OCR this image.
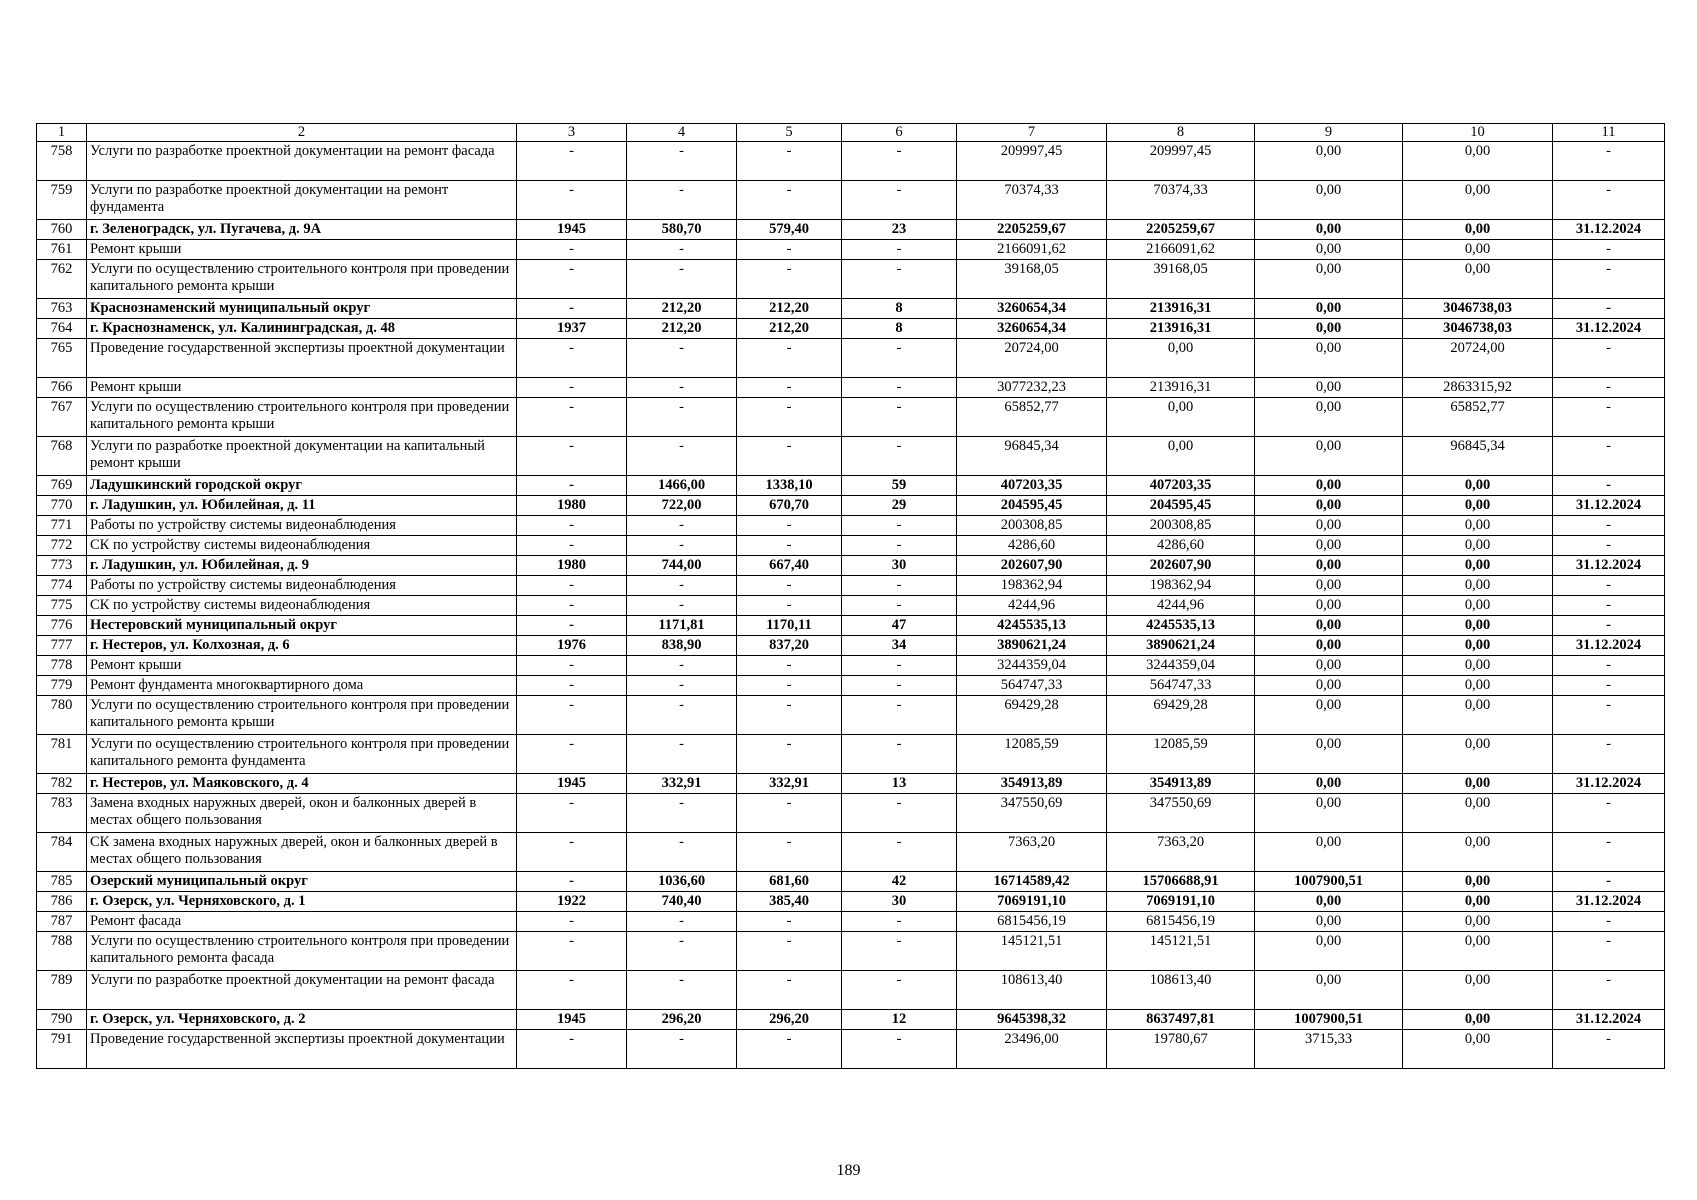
1	2	3	4	5	6	7	8	9	10	11
758	Услуги по разработке проектной документации на ремонт фасада	-	-	-	-	209997,45	209997,45	0,00	0,00	-
759	Услуги по разработке проектной документации на ремонт фундамента	-	-	-	-	70374,33	70374,33	0,00	0,00	-
760	г. Зеленоградск, ул. Пугачева, д. 9А	1945	580,70	579,40	23	2205259,67	2205259,67	0,00	0,00	31.12.2024
761	Ремонт крыши	-	-	-	-	2166091,62	2166091,62	0,00	0,00	-
762	Услуги по осуществлению строительного контроля при проведении капитального ремонта крыши	-	-	-	-	39168,05	39168,05	0,00	0,00	-
763	Краснознаменский муниципальный округ	-	212,20	212,20	8	3260654,34	213916,31	0,00	3046738,03	-
764	г. Краснознаменск, ул. Калининградская, д. 48	1937	212,20	212,20	8	3260654,34	213916,31	0,00	3046738,03	31.12.2024
765	Проведение государственной экспертизы проектной документации	-	-	-	-	20724,00	0,00	0,00	20724,00	-
766	Ремонт крыши	-	-	-	-	3077232,23	213916,31	0,00	2863315,92	-
767	Услуги по осуществлению строительного контроля при проведении капитального ремонта крыши	-	-	-	-	65852,77	0,00	0,00	65852,77	-
768	Услуги по разработке проектной документации на капитальный ремонт крыши	-	-	-	-	96845,34	0,00	0,00	96845,34	-
769	Ладушкинский городской округ	-	1466,00	1338,10	59	407203,35	407203,35	0,00	0,00	-
770	г. Ладушкин, ул. Юбилейная, д. 11	1980	722,00	670,70	29	204595,45	204595,45	0,00	0,00	31.12.2024
771	Работы по устройству системы видеонаблюдения	-	-	-	-	200308,85	200308,85	0,00	0,00	-
772	СК по устройству системы видеонаблюдения	-	-	-	-	4286,60	4286,60	0,00	0,00	-
773	г. Ладушкин, ул. Юбилейная, д. 9	1980	744,00	667,40	30	202607,90	202607,90	0,00	0,00	31.12.2024
774	Работы по устройству системы видеонаблюдения	-	-	-	-	198362,94	198362,94	0,00	0,00	-
775	СК по устройству системы видеонаблюдения	-	-	-	-	4244,96	4244,96	0,00	0,00	-
776	Нестеровский муниципальный округ	-	1171,81	1170,11	47	4245535,13	4245535,13	0,00	0,00	-
777	г. Нестеров, ул. Колхозная, д. 6	1976	838,90	837,20	34	3890621,24	3890621,24	0,00	0,00	31.12.2024
778	Ремонт крыши	-	-	-	-	3244359,04	3244359,04	0,00	0,00	-
779	Ремонт фундамента многоквартирного дома	-	-	-	-	564747,33	564747,33	0,00	0,00	-
780	Услуги по осуществлению строительного контроля при проведении капитального ремонта крыши	-	-	-	-	69429,28	69429,28	0,00	0,00	-
781	Услуги по осуществлению строительного контроля при проведении капитального ремонта фундамента	-	-	-	-	12085,59	12085,59	0,00	0,00	-
782	г. Нестеров, ул. Маяковского, д. 4	1945	332,91	332,91	13	354913,89	354913,89	0,00	0,00	31.12.2024
783	Замена входных наружных дверей, окон и балконных дверей в местах общего пользования	-	-	-	-	347550,69	347550,69	0,00	0,00	-
784	СК замена входных наружных дверей, окон и балконных дверей в местах общего пользования	-	-	-	-	7363,20	7363,20	0,00	0,00	-
785	Озерский муниципальный округ	-	1036,60	681,60	42	16714589,42	15706688,91	1007900,51	0,00	-
786	г. Озерск, ул. Черняховского, д. 1	1922	740,40	385,40	30	7069191,10	7069191,10	0,00	0,00	31.12.2024
787	Ремонт фасада	-	-	-	-	6815456,19	6815456,19	0,00	0,00	-
788	Услуги по осуществлению строительного контроля при проведении капитального ремонта фасада	-	-	-	-	145121,51	145121,51	0,00	0,00	-
789	Услуги по разработке проектной документации на ремонт фасада	-	-	-	-	108613,40	108613,40	0,00	0,00	-
790	г. Озерск, ул. Черняховского, д. 2	1945	296,20	296,20	12	9645398,32	8637497,81	1007900,51	0,00	31.12.2024
791	Проведение государственной экспертизы проектной документации	-	-	-	-	23496,00	19780,67	3715,33	0,00	-
189
